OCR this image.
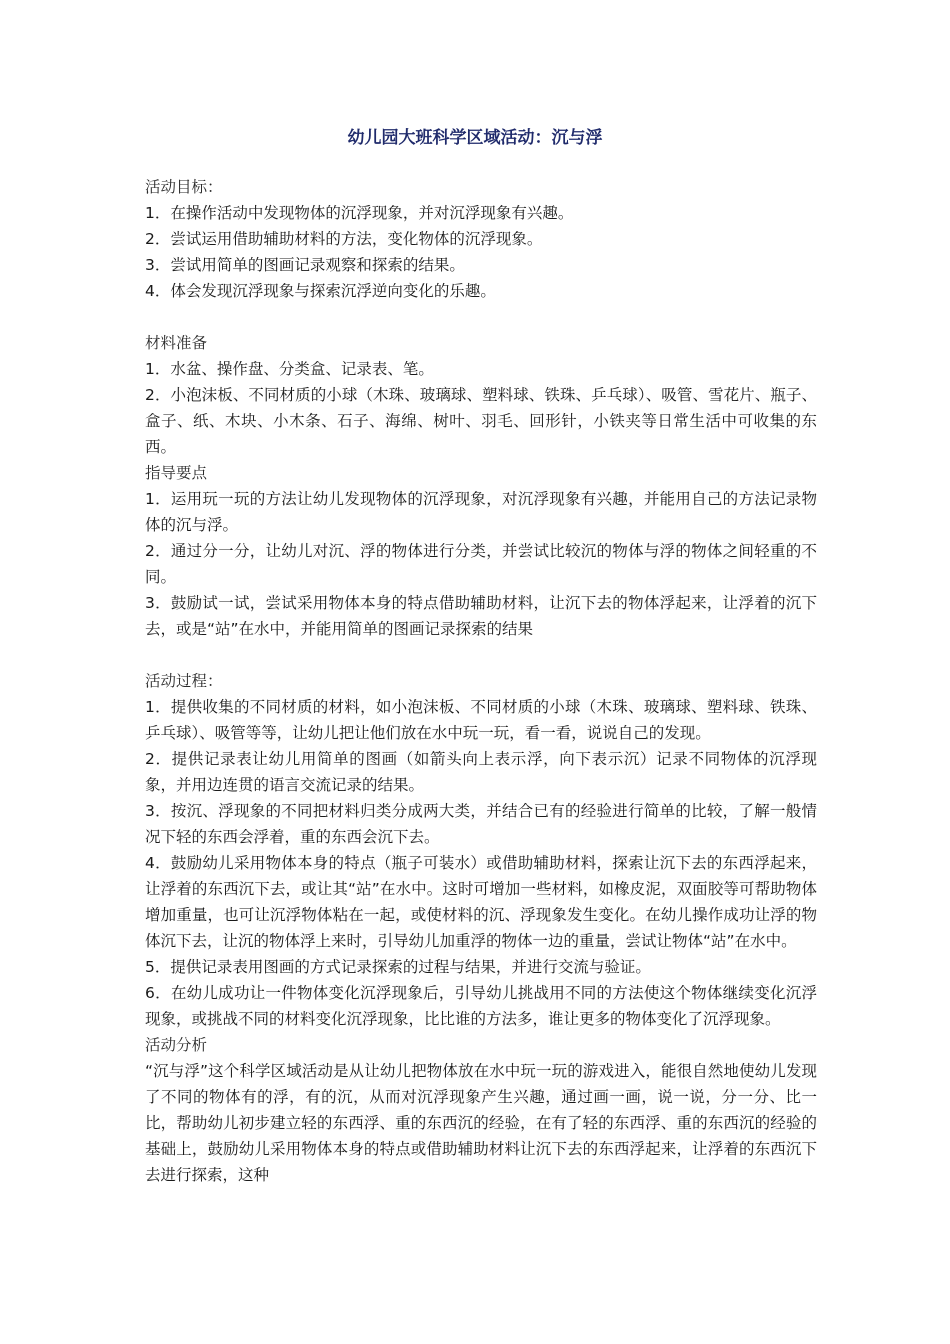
幼儿园大班科学区域活动：沉与浮

活动目标：

1．在操作活动中发现物体的沉浮现象，并对沉浮现象有兴趣。

2．尝试运用借助辅助材料的方法，变化物体的沉浮现象。

3．尝试用简单的图画记录观察和探索的结果。

4．体会发现沉浮现象与探索沉浮逆向变化的乐趣。

材料准备

1．水盆、操作盘、分类盒、记录表、笔。

2．小泡沫板、不同材质的小球（木珠、玻璃球、塑料球、铁珠、乒乓球）、吸管、雪花片、瓶子、盒子、纸、木块、小木条、石子、海绵、树叶、羽毛、回形针，小铁夹等日常生活中可收集的东西。

指导要点

1．运用玩一玩的方法让幼儿发现物体的沉浮现象，对沉浮现象有兴趣，并能用自己的方法记录物体的沉与浮。

2．通过分一分，让幼儿对沉、浮的物体进行分类，并尝试比较沉的物体与浮的物体之间轻重的不同。

3．鼓励试一试，尝试采用物体本身的特点借助辅助材料，让沉下去的物体浮起来，让浮着的沉下去，或是“站”在水中，并能用简单的图画记录探索的结果

活动过程：

1．提供收集的不同材质的材料，如小泡沫板、不同材质的小球（木珠、玻璃球、塑料球、铁珠、乒乓球）、吸管等等，让幼儿把让他们放在水中玩一玩，看一看，说说自己的发现。

2．提供记录表让幼儿用简单的图画（如箭头向上表示浮，向下表示沉）记录不同物体的沉浮现象，并用边连贯的语言交流记录的结果。

3．按沉、浮现象的不同把材料归类分成两大类，并结合已有的经验进行简单的比较，了解一般情况下轻的东西会浮着，重的东西会沉下去。

4．鼓励幼儿采用物体本身的特点（瓶子可装水）或借助辅助材料，探索让沉下去的东西浮起来，让浮着的东西沉下去，或让其“站”在水中。这时可增加一些材料，如橡皮泥，双面胶等可帮助物体增加重量，也可让沉浮物体粘在一起，或使材料的沉、浮现象发生变化。在幼儿操作成功让浮的物体沉下去，让沉的物体浮上来时，引导幼儿加重浮的物体一边的重量，尝试让物体“站”在水中。

5．提供记录表用图画的方式记录探索的过程与结果，并进行交流与验证。

6．在幼儿成功让一件物体变化沉浮现象后，引导幼儿挑战用不同的方法使这个物体继续变化沉浮现象，或挑战不同的材料变化沉浮现象，比比谁的方法多，谁让更多的物体变化了沉浮现象。

活动分析

“沉与浮”这个科学区域活动是从让幼儿把物体放在水中玩一玩的游戏进入，能很自然地使幼儿发现了不同的物体有的浮，有的沉，从而对沉浮现象产生兴趣，通过画一画，说一说，分一分、比一比，帮助幼儿初步建立轻的东西浮、重的东西沉的经验，在有了轻的东西浮、重的东西沉的经验的基础上，鼓励幼儿采用物体本身的特点或借助辅助材料让沉下去的东西浮起来，让浮着的东西沉下去进行探索，这种
